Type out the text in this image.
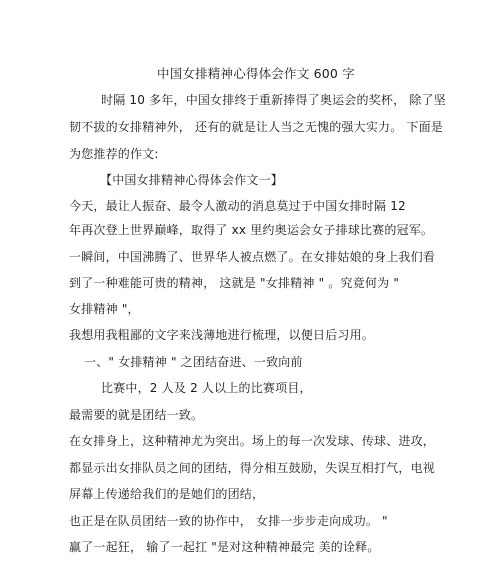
中国女排精神心得体会作文 600 字
时隔 10 多年，中国女排终于重新捧得了奥运会的奖杯， 除了坚
韧不拔的女排精神外， 还有的就是让人当之无愧的强大实力。 下面是
为您推荐的作文:
【中国女排精神心得体会作文一】
今天，最让人振奋、最令人激动的消息莫过于中国女排时隔 12
年再次登上世界巅峰，取得了 xx 里约奥运会女子排球比赛的冠军。
一瞬间，中国沸腾了、世界华人被点燃了。在女排姑娘的身上我们看
到了一种难能可贵的精神， 这就是 "女排精神 " 。究竟何为 "
女排精神 "，
我想用我粗鄙的文字来浅薄地进行梳理，以便日后习用。
一、" 女排精神 " 之团结奋进、一致向前
比赛中，2 人及 2 人以上的比赛项目，
最需要的就是团结一致。
在女排身上，这种精神尤为突出。场上的每一次发球、传球、进攻，
都显示出女排队员之间的团结，得分相互鼓励，失误互相打气，电视
屏幕上传递给我们的是她们的团结，
也正是在队员团结一致的协作中， 女排一步步走向成功。 "
赢了一起狂， 输了一起扛 "是对这种精神最完 美的诠释。
